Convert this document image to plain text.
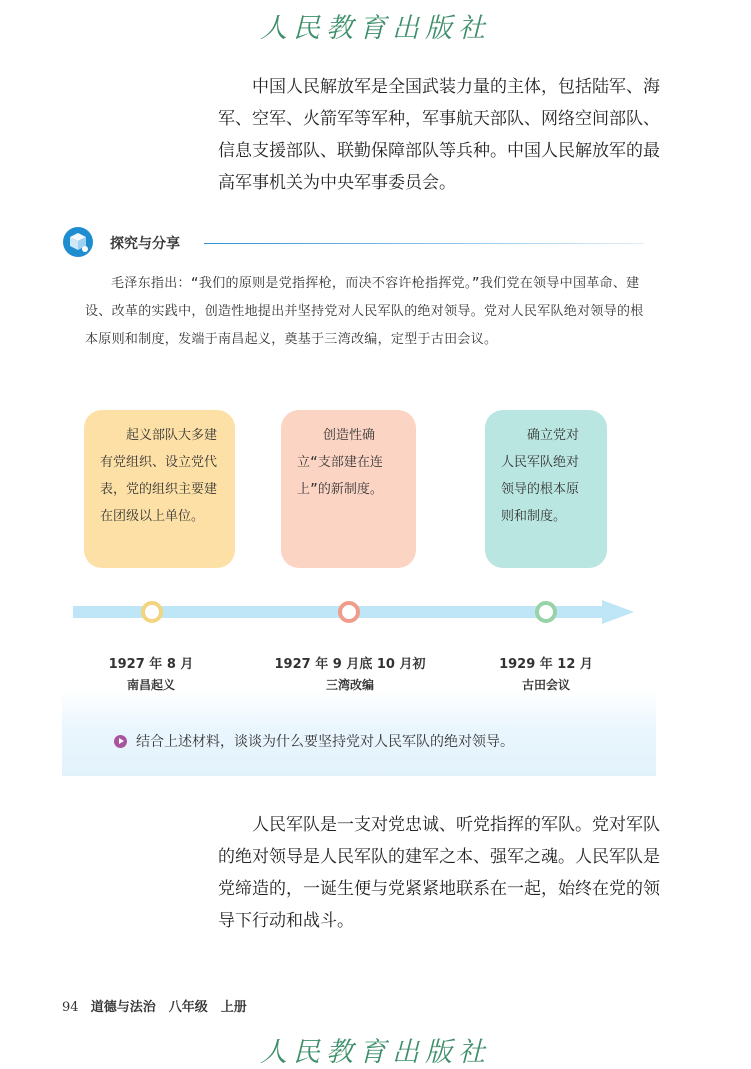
人民教育出版社

中国人民解放军是全国武装力量的主体，包括陆军、海军、空军、火箭军等军种，军事航天部队、网络空间部队、信息支援部队、联勤保障部队等兵种。中国人民解放军的最高军事机关为中央军事委员会。

探究与分享

毛泽东指出：“我们的原则是党指挥枪，而决不容许枪指挥党。”我们党在领导中国革命、建设、改革的实践中，创造性地提出并坚持党对人民军队的绝对领导。党对人民军队绝对领导的根本原则和制度，发端于南昌起义，奠基于三湾改编，定型于古田会议。

起义部队大多建有党组织、设立党代表，党的组织主要建在团级以上单位。
创造性确立“支部建在连上”的新制度。
确立党对人民军队绝对领导的根本原则和制度。
1927 年 8 月
南昌起义
1927 年 9 月底 10 月初
三湾改编
1929 年 12 月
古田会议
结合上述材料，谈谈为什么要坚持党对人民军队的绝对领导。

人民军队是一支对党忠诚、听党指挥的军队。党对军队的绝对领导是人民军队的建军之本、强军之魂。人民军队是党缔造的，一诞生便与党紧紧地联系在一起，始终在党的领导下行动和战斗。

94 道德与法治　八年级　上册
人民教育出版社
